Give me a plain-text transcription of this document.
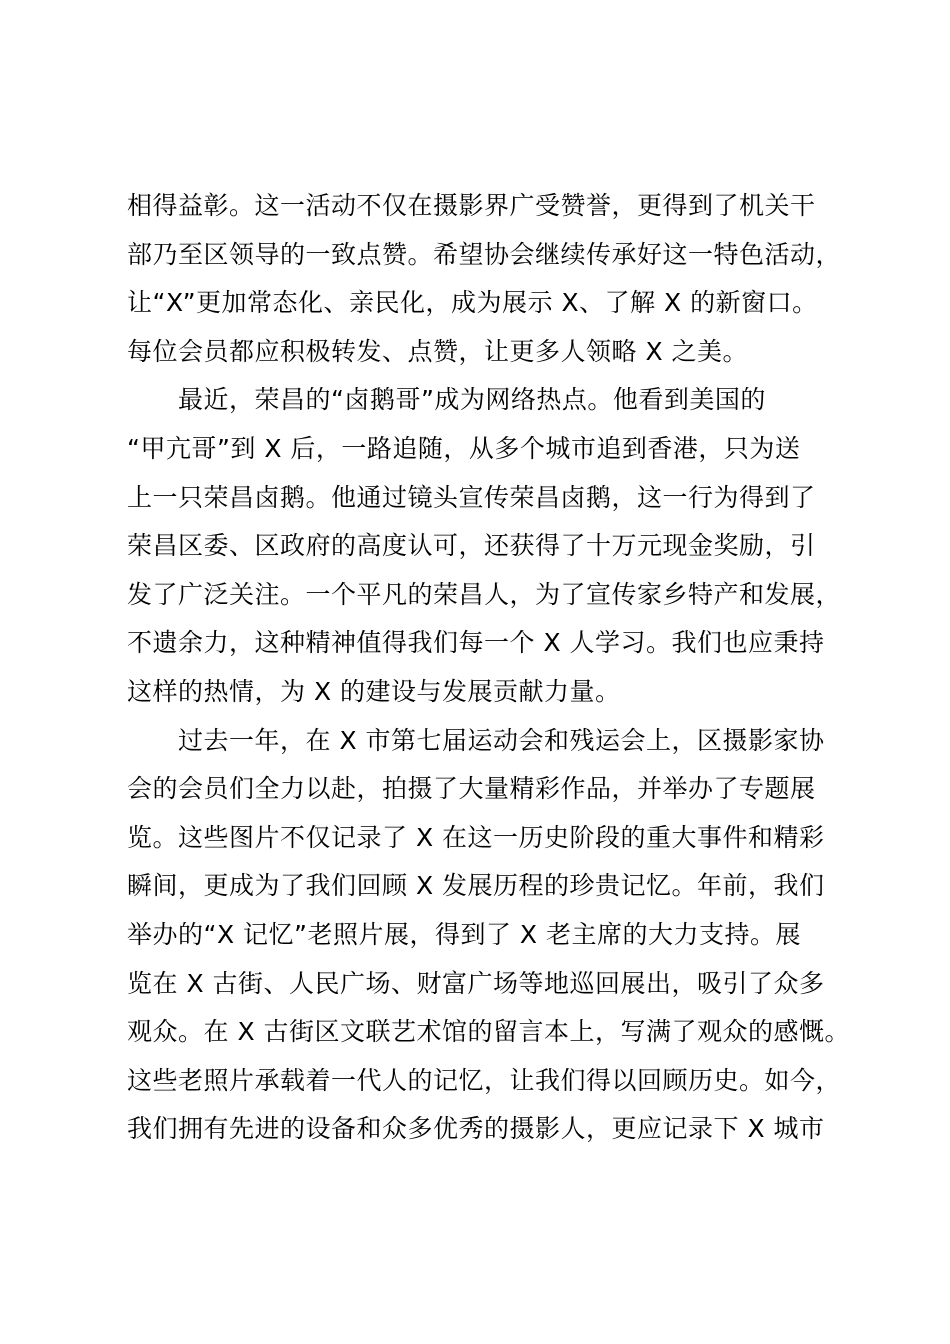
相得益彰。这一活动不仅在摄影界广受赞誉，更得到了机关干
部乃至区领导的一致点赞。希望协会继续传承好这一特色活动，
让“X”更加常态化、亲民化，成为展示 X、了解 X 的新窗口。
每位会员都应积极转发、点赞，让更多人领略 X 之美。
最近，荣昌的“卤鹅哥”成为网络热点。他看到美国的
“甲亢哥”到 X 后，一路追随，从多个城市追到香港，只为送
上一只荣昌卤鹅。他通过镜头宣传荣昌卤鹅，这一行为得到了
荣昌区委、区政府的高度认可，还获得了十万元现金奖励，引
发了广泛关注。一个平凡的荣昌人，为了宣传家乡特产和发展，
不遗余力，这种精神值得我们每一个 X 人学习。我们也应秉持
这样的热情，为 X 的建设与发展贡献力量。
过去一年，在 X 市第七届运动会和残运会上，区摄影家协
会的会员们全力以赴，拍摄了大量精彩作品，并举办了专题展
览。这些图片不仅记录了 X 在这一历史阶段的重大事件和精彩
瞬间，更成为了我们回顾 X 发展历程的珍贵记忆。年前，我们
举办的“X 记忆”老照片展，得到了 X 老主席的大力支持。展
览在 X 古街、人民广场、财富广场等地巡回展出，吸引了众多
观众。在 X 古街区文联艺术馆的留言本上，写满了观众的感慨。
这些老照片承载着一代人的记忆，让我们得以回顾历史。如今，
我们拥有先进的设备和众多优秀的摄影人，更应记录下 X 城市
